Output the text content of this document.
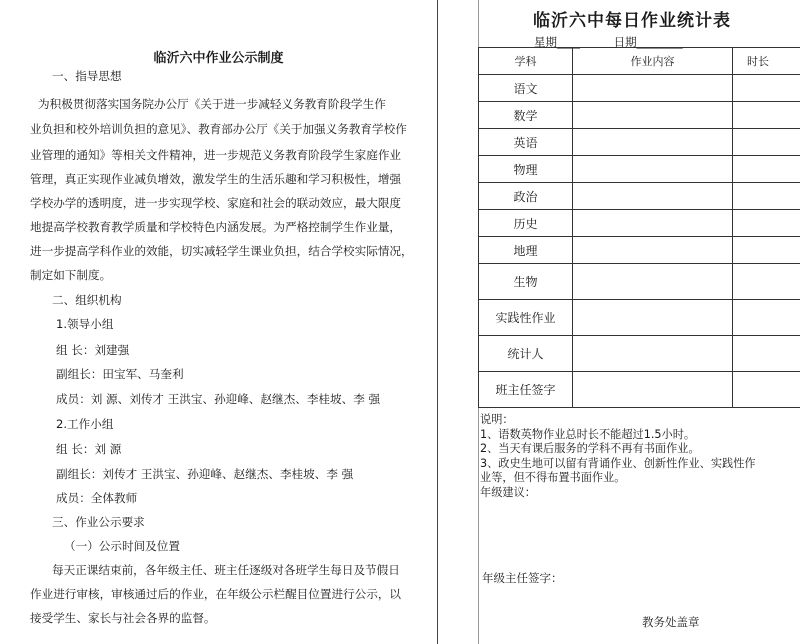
临沂六中作业公示制度
一、指导思想
为积极贯彻落实国务院办公厅《关于进一步减轻义务教育阶段学生作
业负担和校外培训负担的意见》、教育部办公厅《关于加强义务教育学校作
业管理的通知》等相关文件精神，进一步规范义务教育阶段学生家庭作业
管理，真正实现作业减负增效，激发学生的生活乐趣和学习积极性，增强
学校办学的透明度，进一步实现学校、家庭和社会的联动效应，最大限度
地提高学校教育教学质量和学校特色内涵发展。为严格控制学生作业量，
进一步提高学科作业的效能，切实减轻学生课业负担，结合学校实际情况，
制定如下制度。
二、组织机构
1.领导小组
组 长：刘建强
副组长：田宝军、马奎利
成员：刘 源、刘传才 王洪宝、孙迎峰、赵继杰、李桂坡、李 强
2.工作小组
组 长：刘 源
副组长：刘传才 王洪宝、孙迎峰、赵继杰、李桂坡、李 强
成员：全体教师
三、作业公示要求
（一）公示时间及位置
每天正课结束前，各年级主任、班主任逐级对各班学生每日及节假日
作业进行审核，审核通过后的作业，在年级公示栏醒目位置进行公示，以
接受学生、家长与社会各界的监督。
临沂六中每日作业统计表
星期____	日期________
学科	作业内容	时长
语文		
数学		
英语		
物理		
政治		
历史		
地理		
生物		
实践性作业		
统计人		
班主任签字		
说明：
1、语数英物作业总时长不能超过1.5小时。
2、当天有课后服务的学科不再有书面作业。
3、政史生地可以留有背诵作业、创新性作业、实践性作
业等，但不得布置书面作业。
年级建议：
年级主任签字：
教务处盖章
